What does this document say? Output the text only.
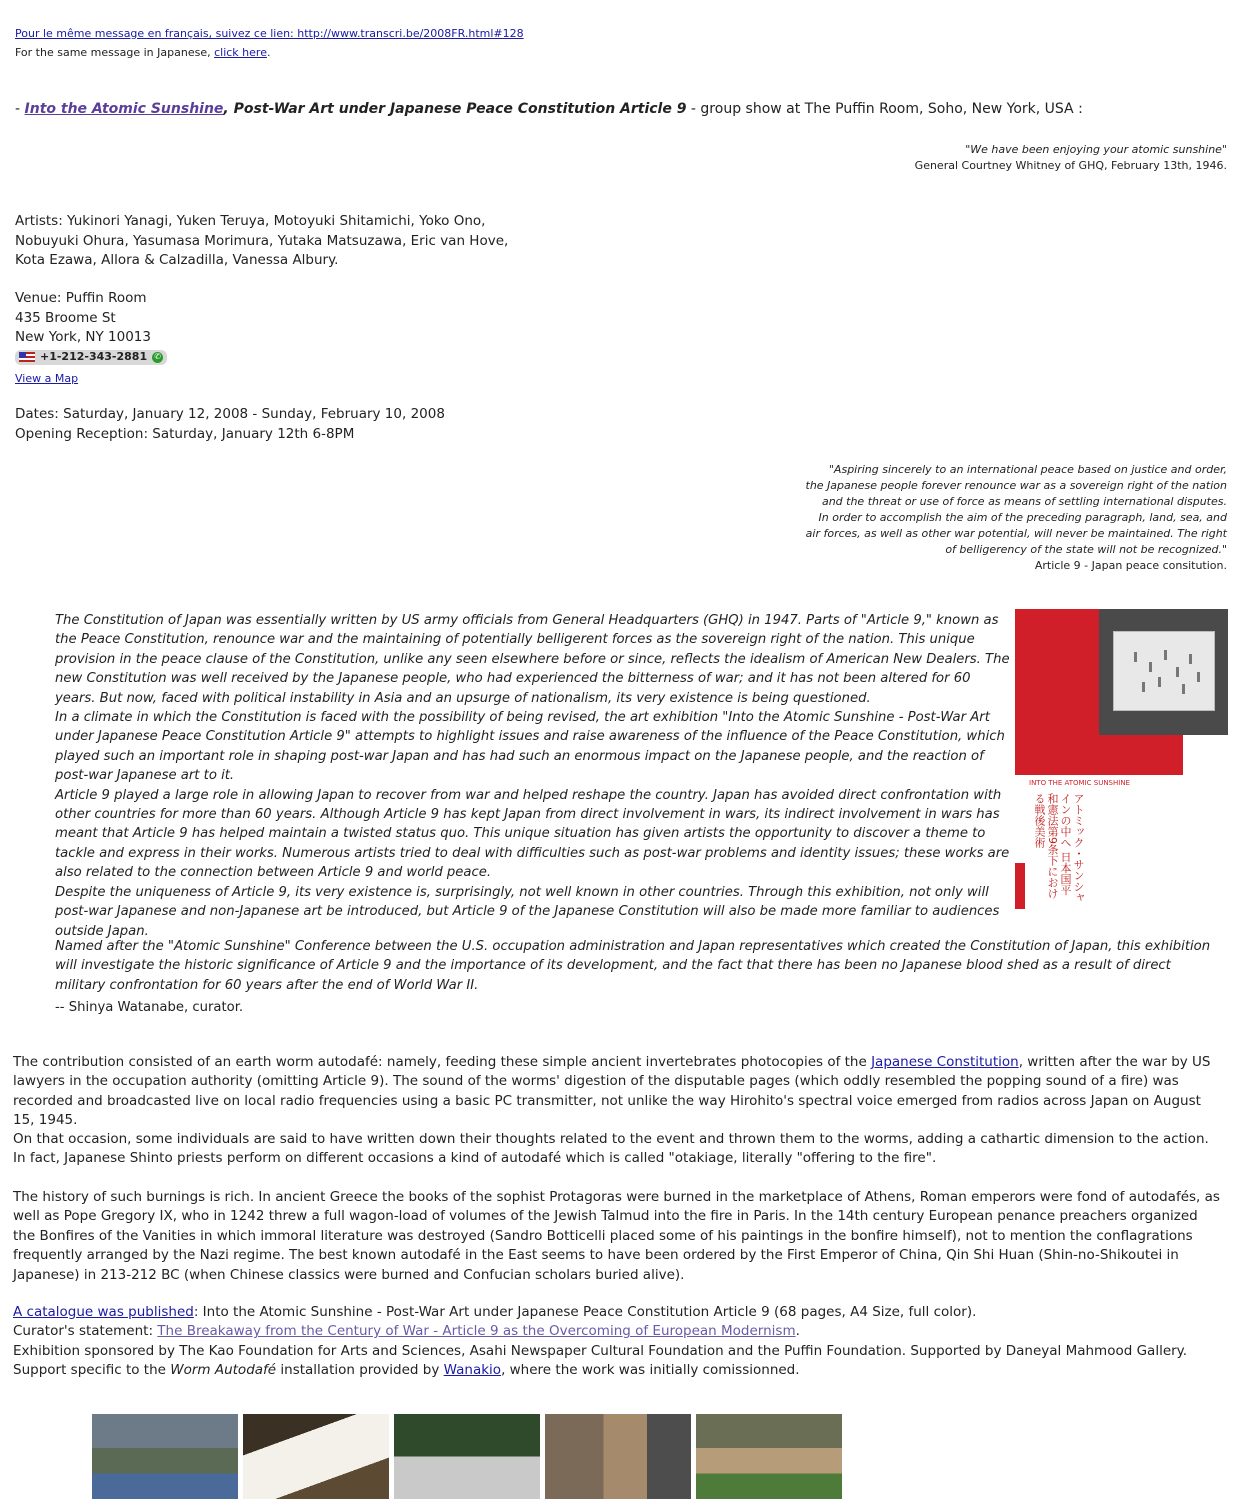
Pour le même message en français, suivez ce lien: http://www.transcri.be/2008FR.html#128
For the same message in Japanese, click here.
- Into the Atomic Sunshine, Post-War Art under Japanese Peace Constitution Article 9 - group show at The Puffin Room, Soho, New York, USA :
"We have been enjoying your atomic sunshine"
General Courtney Whitney of GHQ, February 13th, 1946.
Artists: Yukinori Yanagi, Yuken Teruya, Motoyuki Shitamichi, Yoko Ono,
Nobuyuki Ohura, Yasumasa Morimura, Yutaka Matsuzawa, Eric van Hove,
Kota Ezawa, Allora & Calzadilla, Vanessa Albury.
Venue: Puffin Room
435 Broome St
New York, NY 10013
+1-212-343-2881 ✆
View a Map
Dates: Saturday, January 12, 2008 - Sunday, February 10, 2008
Opening Reception: Saturday, January 12th 6-8PM
"Aspiring sincerely to an international peace based on justice and order,
the Japanese people forever renounce war as a sovereign right of the nation
and the threat or use of force as means of settling international disputes.
In order to accomplish the aim of the preceding paragraph, land, sea, and
air forces, as well as other war potential, will never be maintained. The right
of belligerency of the state will not be recognized."
Article 9 - Japan peace consitution.

The Constitution of Japan was essentially written by US army officials from General Headquarters (GHQ) in 1947. Parts of "Article 9," known as the Peace Constitution, renounce war and the maintaining of potentially belligerent forces as the sovereign right of the nation. This unique provision in the peace clause of the Constitution, unlike any seen elsewhere before or since, reflects the idealism of American New Dealers. The new Constitution was well received by the Japanese people, who had experienced the bitterness of war; and it has not been altered for 60 years. But now, faced with political instability in Asia and an upsurge of nationalism, its very existence is being questioned.

In a climate in which the Constitution is faced with the possibility of being revised, the art exhibition "Into the Atomic Sunshine - Post-War Art under Japanese Peace Constitution Article 9" attempts to highlight issues and raise awareness of the influence of the Peace Constitution, which played such an important role in shaping post-war Japan and has had such an enormous impact on the Japanese people, and the reaction of post-war Japanese art to it.

Article 9 played a large role in allowing Japan to recover from war and helped reshape the country. Japan has avoided direct confrontation with other countries for more than 60 years. Although Article 9 has kept Japan from direct involvement in wars, its indirect involvement in wars has meant that Article 9 has helped maintain a twisted status quo. This unique situation has given artists the opportunity to discover a theme to tackle and express in their works. Numerous artists tried to deal with difficulties such as post-war problems and identity issues; these works are also related to the connection between Article 9 and world peace.

Despite the uniqueness of Article 9, its very existence is, surprisingly, not well known in other countries. Through this exhibition, not only will post-war Japanese and non-Japanese art be introduced, but Article 9 of the Japanese Constitution will also be made more familiar to audiences outside Japan.

Named after the "Atomic Sunshine" Conference between the U.S. occupation administration and Japan representatives which created the Constitution of Japan, this exhibition will investigate the historic significance of Article 9 and the importance of its development, and the fact that there has been no Japanese blood shed as a result of direct military confrontation for 60 years after the end of World War II.

-- Shinya Watanabe, curator.
INTO THE ATOMIC SUNSHINE
アトミック・サンシャインの中へ 日本国平和憲法第9条下における戦後美術

The contribution consisted of an earth worm autodafé: namely, feeding these simple ancient invertebrates photocopies of the Japanese Constitution, written after the war by US lawyers in the occupation authority (omitting Article 9). The sound of the worms' digestion of the disputable pages (which oddly resembled the popping sound of a fire) was recorded and broadcasted live on local radio frequencies using a basic PC transmitter, not unlike the way Hirohito's spectral voice emerged from radios across Japan on August 15, 1945.

On that occasion, some individuals are said to have written down their thoughts related to the event and thrown them to the worms, adding a cathartic dimension to the action. In fact, Japanese Shinto priests perform on different occasions a kind of autodafé which is called "otakiage, literally "offering to the fire".

The history of such burnings is rich. In ancient Greece the books of the sophist Protagoras were burned in the marketplace of Athens, Roman emperors were fond of autodafés, as well as Pope Gregory IX, who in 1242 threw a full wagon-load of volumes of the Jewish Talmud into the fire in Paris. In the 14th century European penance preachers organized the Bonfires of the Vanities in which immoral literature was destroyed (Sandro Botticelli placed some of his paintings in the bonfire himself), not to mention the conflagrations frequently arranged by the Nazi regime. The best known autodafé in the East seems to have been ordered by the First Emperor of China, Qin Shi Huan (Shin-no-Shikoutei in Japanese) in 213-212 BC (when Chinese classics were burned and Confucian scholars buried alive).

A catalogue was published: Into the Atomic Sunshine - Post-War Art under Japanese Peace Constitution Article 9 (68 pages, A4 Size, full color).

Curator's statement: The Breakaway from the Century of War - Article 9 as the Overcoming of European Modernism.

Exhibition sponsored by The Kao Foundation for Arts and Sciences, Asahi Newspaper Cultural Foundation and the Puffin Foundation. Supported by Daneyal Mahmood Gallery.

Support specific to the Worm Autodafé installation provided by Wanakio, where the work was initially comissionned.
